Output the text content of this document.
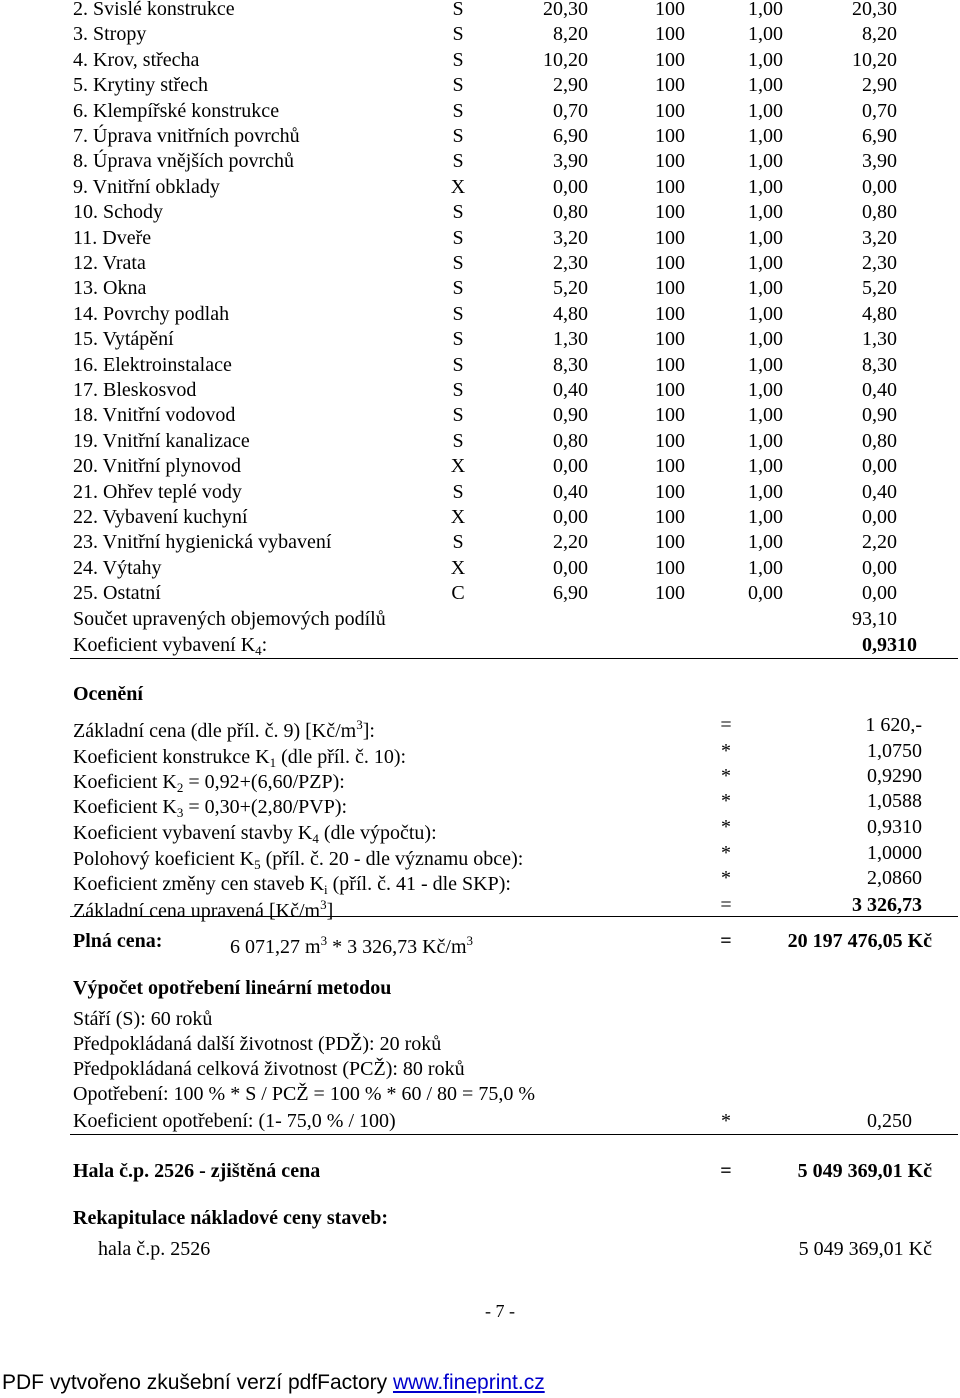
2. Svislé konstrukce	S	20,30	100	1,00	20,30
3. Stropy	S	8,20	100	1,00	8,20
4. Krov, střecha	S	10,20	100	1,00	10,20
5. Krytiny střech	S	2,90	100	1,00	2,90
6. Klempířské konstrukce	S	0,70	100	1,00	0,70
7. Úprava vnitřních povrchů	S	6,90	100	1,00	6,90
8. Úprava vnějších povrchů	S	3,90	100	1,00	3,90
9. Vnitřní obklady	X	0,00	100	1,00	0,00
10. Schody	S	0,80	100	1,00	0,80
11. Dveře	S	3,20	100	1,00	3,20
12. Vrata	S	2,30	100	1,00	2,30
13. Okna	S	5,20	100	1,00	5,20
14. Povrchy podlah	S	4,80	100	1,00	4,80
15. Vytápění	S	1,30	100	1,00	1,30
16. Elektroinstalace	S	8,30	100	1,00	8,30
17. Bleskosvod	S	0,40	100	1,00	0,40
18. Vnitřní vodovod	S	0,90	100	1,00	0,90
19. Vnitřní kanalizace	S	0,80	100	1,00	0,80
20. Vnitřní plynovod	X	0,00	100	1,00	0,00
21. Ohřev teplé vody	S	0,40	100	1,00	0,40
22. Vybavení kuchyní	X	0,00	100	1,00	0,00
23. Vnitřní hygienická vybavení	S	2,20	100	1,00	2,20
24. Výtahy	X	0,00	100	1,00	0,00
25. Ostatní	C	6,90	100	0,00	0,00
Součet upravených objemových podílů	93,10
Koeficient vybavení $K_4$:	0,9310
Ocenění
Základní cena (dle příl. č. 9) $[Kč/m^3]$:	=	1 620,-
Koeficient konstrukce $K_1$ (dle příl. č. 10):	*	1,0750
Koeficient $K_2 = 0,92+(6,60/PZP)$:	*	0,9290
Koeficient $K_3 = 0,30+(2,80/PVP)$:	*	1,0588
Koeficient vybavení stavby $K_4$ (dle výpočtu):	*	0,9310
Polohový koeficient $K_5$ (příl. č. 20 - dle významu obce):	*	1,0000
Koeficient změny cen staveb $K_i$ (příl. č. 41 - dle SKP):	*	2,0860
Základní cena upravená $[Kč/m^3]$	=	3 326,73
Plná cena:	6 071,27 $m^3 * 3$ 326,73 $Kč/m^3$	=	20 197 476,05 Kč
Výpočet opotřebení lineární metodou
Stáří (S): 60 roků
Předpokládaná další životnost (PDŽ): 20 roků
Předpokládaná celková životnost (PCŽ): 80 roků
Opotřebení: 100 % * S / PCŽ = 100 % * 60 / 80 = 75,0 %
Koeficient opotřebení: (1- 75,0 % / 100)	*	0,250
Hala č.p. 2526 - zjištěná cena	=	5 049 369,01 Kč
Rekapitulace nákladové ceny staveb:
hala č.p. 2526	5 049 369,01 Kč
- 7 -
PDF vytvořeno zkušební verzí pdfFactory www.fineprint.cz
